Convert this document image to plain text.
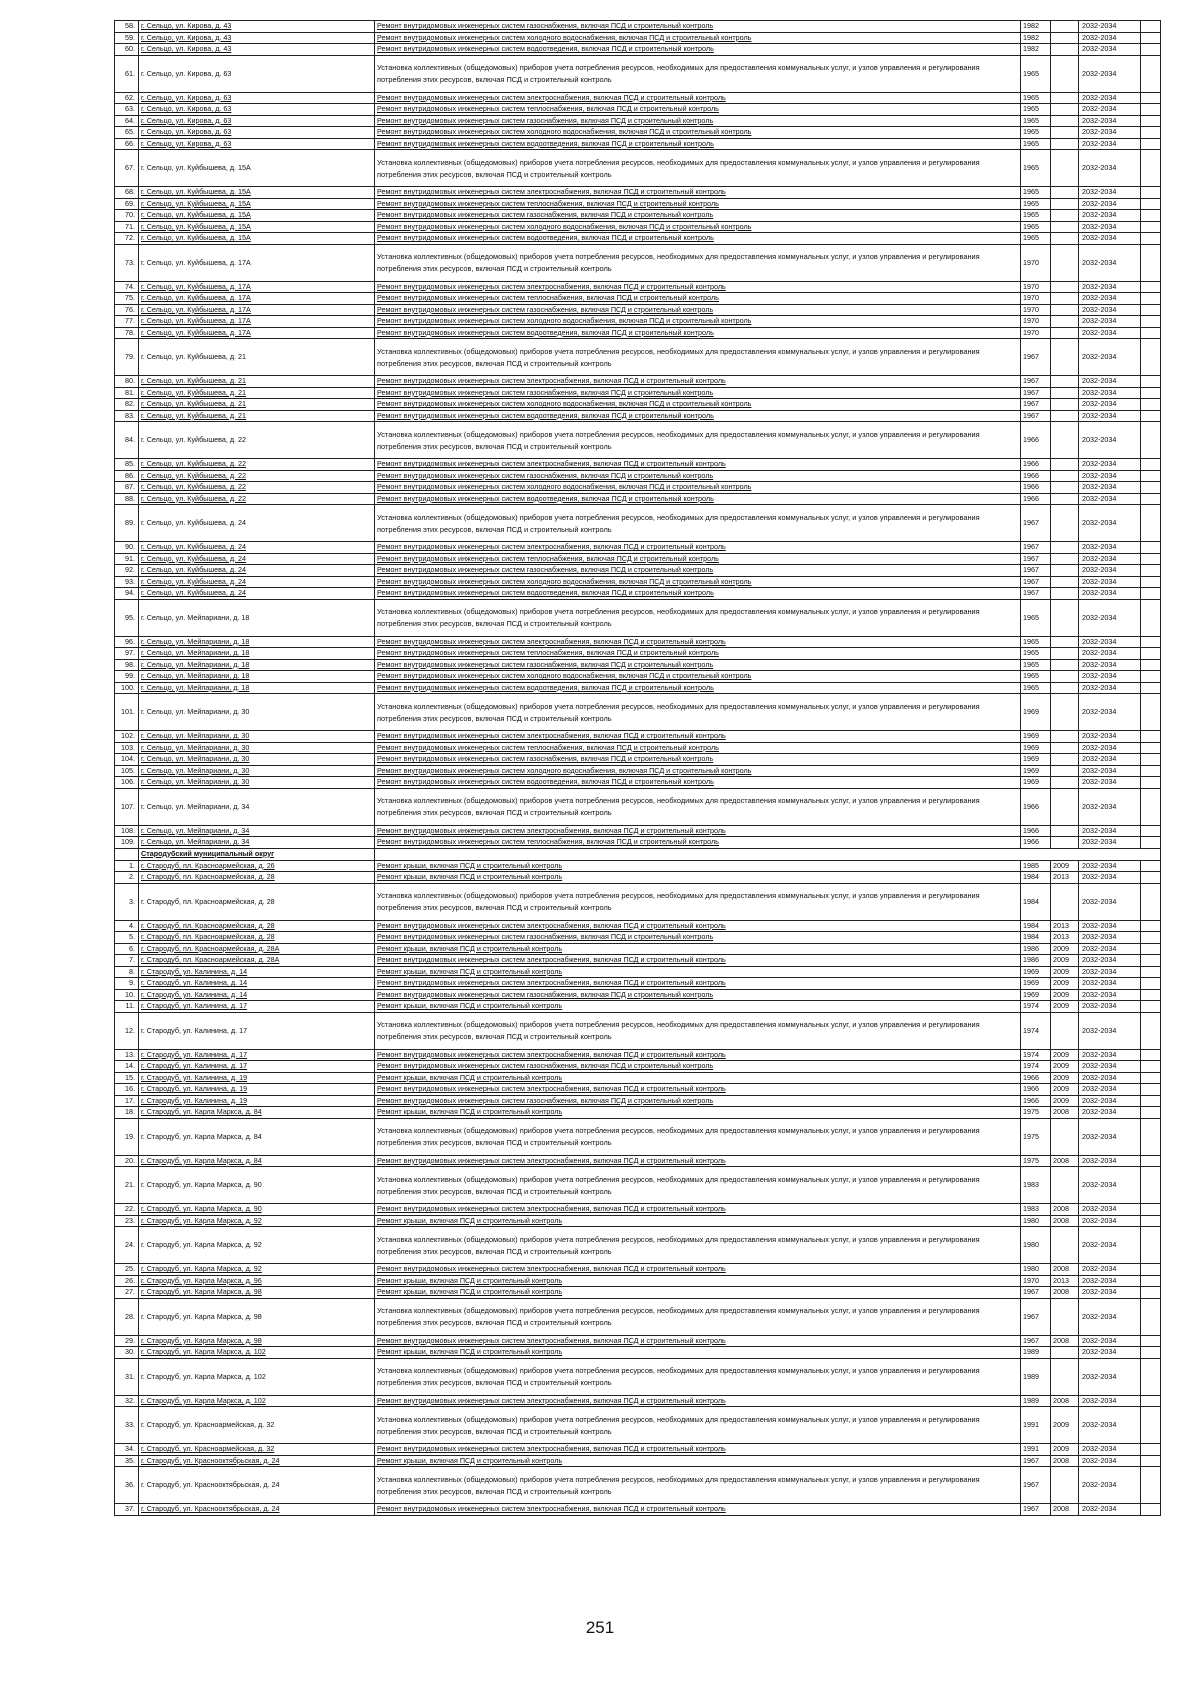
58.	г. Сельцо, ул. Кирова, д. 43	Ремонт внутридомовых инженерных систем газоснабжения, включая ПСД и строительный контроль	1982		2032-2034	
59.	г. Сельцо, ул. Кирова, д. 43	Ремонт внутридомовых инженерных систем холодного водоснабжения, включая ПСД и строительный контроль	1982		2032-2034	
60.	г. Сельцо, ул. Кирова, д. 43	Ремонт внутридомовых инженерных систем водоотведения, включая ПСД и строительный контроль	1982		2032-2034	
61.	г. Сельцо, ул. Кирова, д. 63	Установка коллективных (общедомовых) приборов учета потребления ресурсов, необходимых для предоставления коммунальных услуг, и узлов управления и регулирования потребления этих ресурсов, включая ПСД и строительный контроль	1965		2032-2034	
62.	г. Сельцо, ул. Кирова, д. 63	Ремонт внутридомовых инженерных систем электроснабжения, включая ПСД и строительный контроль	1965		2032-2034	
63.	г. Сельцо, ул. Кирова, д. 63	Ремонт внутридомовых инженерных систем теплоснабжения, включая ПСД и строительный контроль	1965		2032-2034	
64.	г. Сельцо, ул. Кирова, д. 63	Ремонт внутридомовых инженерных систем газоснабжения, включая ПСД и строительный контроль	1965		2032-2034	
65.	г. Сельцо, ул. Кирова, д. 63	Ремонт внутридомовых инженерных систем холодного водоснабжения, включая ПСД и строительный контроль	1965		2032-2034	
66.	г. Сельцо, ул. Кирова, д. 63	Ремонт внутридомовых инженерных систем водоотведения, включая ПСД и строительный контроль	1965		2032-2034	
67.	г. Сельцо, ул. Куйбышева, д. 15А	Установка коллективных (общедомовых) приборов учета потребления ресурсов, необходимых для предоставления коммунальных услуг, и узлов управления и регулирования потребления этих ресурсов, включая ПСД и строительный контроль	1965		2032-2034	
68.	г. Сельцо, ул. Куйбышева, д. 15А	Ремонт внутридомовых инженерных систем электроснабжения, включая ПСД и строительный контроль	1965		2032-2034	
69.	г. Сельцо, ул. Куйбышева, д. 15А	Ремонт внутридомовых инженерных систем теплоснабжения, включая ПСД и строительный контроль	1965		2032-2034	
70.	г. Сельцо, ул. Куйбышева, д. 15А	Ремонт внутридомовых инженерных систем газоснабжения, включая ПСД и строительный контроль	1965		2032-2034	
71.	г. Сельцо, ул. Куйбышева, д. 15А	Ремонт внутридомовых инженерных систем холодного водоснабжения, включая ПСД и строительный контроль	1965		2032-2034	
72.	г. Сельцо, ул. Куйбышева, д. 15А	Ремонт внутридомовых инженерных систем водоотведения, включая ПСД и строительный контроль	1965		2032-2034	
73.	г. Сельцо, ул. Куйбышева, д. 17А	Установка коллективных (общедомовых) приборов учета потребления ресурсов, необходимых для предоставления коммунальных услуг, и узлов управления и регулирования потребления этих ресурсов, включая ПСД и строительный контроль	1970		2032-2034	
74.	г. Сельцо, ул. Куйбышева, д. 17А	Ремонт внутридомовых инженерных систем электроснабжения, включая ПСД и строительный контроль	1970		2032-2034	
75.	г. Сельцо, ул. Куйбышева, д. 17А	Ремонт внутридомовых инженерных систем теплоснабжения, включая ПСД и строительный контроль	1970		2032-2034	
76.	г. Сельцо, ул. Куйбышева, д. 17А	Ремонт внутридомовых инженерных систем газоснабжения, включая ПСД и строительный контроль	1970		2032-2034	
77.	г. Сельцо, ул. Куйбышева, д. 17А	Ремонт внутридомовых инженерных систем холодного водоснабжения, включая ПСД и строительный контроль	1970		2032-2034	
78.	г. Сельцо, ул. Куйбышева, д. 17А	Ремонт внутридомовых инженерных систем водоотведения, включая ПСД и строительный контроль	1970		2032-2034	
79.	г. Сельцо, ул. Куйбышева, д. 21	Установка коллективных (общедомовых) приборов учета потребления ресурсов, необходимых для предоставления коммунальных услуг, и узлов управления и регулирования потребления этих ресурсов, включая ПСД и строительный контроль	1967		2032-2034	
80.	г. Сельцо, ул. Куйбышева, д. 21	Ремонт внутридомовых инженерных систем электроснабжения, включая ПСД и строительный контроль	1967		2032-2034	
81.	г. Сельцо, ул. Куйбышева, д. 21	Ремонт внутридомовых инженерных систем газоснабжения, включая ПСД и строительный контроль	1967		2032-2034	
82.	г. Сельцо, ул. Куйбышева, д. 21	Ремонт внутридомовых инженерных систем холодного водоснабжения, включая ПСД и строительный контроль	1967		2032-2034	
83.	г. Сельцо, ул. Куйбышева, д. 21	Ремонт внутридомовых инженерных систем водоотведения, включая ПСД и строительный контроль	1967		2032-2034	
84.	г. Сельцо, ул. Куйбышева, д. 22	Установка коллективных (общедомовых) приборов учета потребления ресурсов, необходимых для предоставления коммунальных услуг, и узлов управления и регулирования потребления этих ресурсов, включая ПСД и строительный контроль	1966		2032-2034	
85.	г. Сельцо, ул. Куйбышева, д. 22	Ремонт внутридомовых инженерных систем электроснабжения, включая ПСД и строительный контроль	1966		2032-2034	
86.	г. Сельцо, ул. Куйбышева, д. 22	Ремонт внутридомовых инженерных систем газоснабжения, включая ПСД и строительный контроль	1966		2032-2034	
87.	г. Сельцо, ул. Куйбышева, д. 22	Ремонт внутридомовых инженерных систем холодного водоснабжения, включая ПСД и строительный контроль	1966		2032-2034	
88.	г. Сельцо, ул. Куйбышева, д. 22	Ремонт внутридомовых инженерных систем водоотведения, включая ПСД и строительный контроль	1966		2032-2034	
89.	г. Сельцо, ул. Куйбышева, д. 24	Установка коллективных (общедомовых) приборов учета потребления ресурсов, необходимых для предоставления коммунальных услуг, и узлов управления и регулирования потребления этих ресурсов, включая ПСД и строительный контроль	1967		2032-2034	
90.	г. Сельцо, ул. Куйбышева, д. 24	Ремонт внутридомовых инженерных систем электроснабжения, включая ПСД и строительный контроль	1967		2032-2034	
91.	г. Сельцо, ул. Куйбышева, д. 24	Ремонт внутридомовых инженерных систем теплоснабжения, включая ПСД и строительный контроль	1967		2032-2034	
92.	г. Сельцо, ул. Куйбышева, д. 24	Ремонт внутридомовых инженерных систем газоснабжения, включая ПСД и строительный контроль	1967		2032-2034	
93.	г. Сельцо, ул. Куйбышева, д. 24	Ремонт внутридомовых инженерных систем холодного водоснабжения, включая ПСД и строительный контроль	1967		2032-2034	
94.	г. Сельцо, ул. Куйбышева, д. 24	Ремонт внутридомовых инженерных систем водоотведения, включая ПСД и строительный контроль	1967		2032-2034	
95.	г. Сельцо, ул. Мейпариани, д. 18	Установка коллективных (общедомовых) приборов учета потребления ресурсов, необходимых для предоставления коммунальных услуг, и узлов управления и регулирования потребления этих ресурсов, включая ПСД и строительный контроль	1965		2032-2034	
96.	г. Сельцо, ул. Мейпариани, д. 18	Ремонт внутридомовых инженерных систем электроснабжения, включая ПСД и строительный контроль	1965		2032-2034	
97.	г. Сельцо, ул. Мейпариани, д. 18	Ремонт внутридомовых инженерных систем теплоснабжения, включая ПСД и строительный контроль	1965		2032-2034	
98.	г. Сельцо, ул. Мейпариани, д. 18	Ремонт внутридомовых инженерных систем газоснабжения, включая ПСД и строительный контроль	1965		2032-2034	
99.	г. Сельцо, ул. Мейпариани, д. 18	Ремонт внутридомовых инженерных систем холодного водоснабжения, включая ПСД и строительный контроль	1965		2032-2034	
100.	г. Сельцо, ул. Мейпариани, д. 18	Ремонт внутридомовых инженерных систем водоотведения, включая ПСД и строительный контроль	1965		2032-2034	
101.	г. Сельцо, ул. Мейпариани, д. 30	Установка коллективных (общедомовых) приборов учета потребления ресурсов, необходимых для предоставления коммунальных услуг, и узлов управления и регулирования потребления этих ресурсов, включая ПСД и строительный контроль	1969		2032-2034	
102.	г. Сельцо, ул. Мейпариани, д. 30	Ремонт внутридомовых инженерных систем электроснабжения, включая ПСД и строительный контроль	1969		2032-2034	
103.	г. Сельцо, ул. Мейпариани, д. 30	Ремонт внутридомовых инженерных систем теплоснабжения, включая ПСД и строительный контроль	1969		2032-2034	
104.	г. Сельцо, ул. Мейпариани, д. 30	Ремонт внутридомовых инженерных систем газоснабжения, включая ПСД и строительный контроль	1969		2032-2034	
105.	г. Сельцо, ул. Мейпариани, д. 30	Ремонт внутридомовых инженерных систем холодного водоснабжения, включая ПСД и строительный контроль	1969		2032-2034	
106.	г. Сельцо, ул. Мейпариани, д. 30	Ремонт внутридомовых инженерных систем водоотведения, включая ПСД и строительный контроль	1969		2032-2034	
107.	г. Сельцо, ул. Мейпариани, д. 34	Установка коллективных (общедомовых) приборов учета потребления ресурсов, необходимых для предоставления коммунальных услуг, и узлов управления и регулирования потребления этих ресурсов, включая ПСД и строительный контроль	1966		2032-2034	
108.	г. Сельцо, ул. Мейпариани, д. 34	Ремонт внутридомовых инженерных систем электроснабжения, включая ПСД и строительный контроль	1966		2032-2034	
109.	г. Сельцо, ул. Мейпариани, д. 34	Ремонт внутридомовых инженерных систем теплоснабжения, включая ПСД и строительный контроль	1966		2032-2034	
	Стародубский муниципальный округ					
1.	г. Стародуб, пл. Красноармейская, д. 26	Ремонт крыши, включая ПСД и строительный контроль	1985	2009	2032-2034	
2.	г. Стародуб, пл. Красноармейская, д. 28	Ремонт крыши, включая ПСД и строительный контроль	1984	2013	2032-2034	
3.	г. Стародуб, пл. Красноармейская, д. 28	Установка коллективных (общедомовых) приборов учета потребления ресурсов, необходимых для предоставления коммунальных услуг, и узлов управления и регулирования потребления этих ресурсов, включая ПСД и строительный контроль	1984		2032-2034	
4.	г. Стародуб, пл. Красноармейская, д. 28	Ремонт внутридомовых инженерных систем электроснабжения, включая ПСД и строительный контроль	1984	2013	2032-2034	
5.	г. Стародуб, пл. Красноармейская, д. 28	Ремонт внутридомовых инженерных систем газоснабжения, включая ПСД и строительный контроль	1984	2013	2032-2034	
6.	г. Стародуб, пл. Красноармейская, д. 28А	Ремонт крыши, включая ПСД и строительный контроль	1986	2009	2032-2034	
7.	г. Стародуб, пл. Красноармейская, д. 28А	Ремонт внутридомовых инженерных систем электроснабжения, включая ПСД и строительный контроль	1986	2009	2032-2034	
8.	г. Стародуб, ул. Калинина, д. 14	Ремонт крыши, включая ПСД и строительный контроль	1969	2009	2032-2034	
9.	г. Стародуб, ул. Калинина, д. 14	Ремонт внутридомовых инженерных систем электроснабжения, включая ПСД и строительный контроль	1969	2009	2032-2034	
10.	г. Стародуб, ул. Калинина, д. 14	Ремонт внутридомовых инженерных систем газоснабжения, включая ПСД и строительный контроль	1969	2009	2032-2034	
11.	г. Стародуб, ул. Калинина, д. 17	Ремонт крыши, включая ПСД и строительный контроль	1974	2009	2032-2034	
12.	г. Стародуб, ул. Калинина, д. 17	Установка коллективных (общедомовых) приборов учета потребления ресурсов, необходимых для предоставления коммунальных услуг, и узлов управления и регулирования потребления этих ресурсов, включая ПСД и строительный контроль	1974		2032-2034	
13.	г. Стародуб, ул. Калинина, д. 17	Ремонт внутридомовых инженерных систем электроснабжения, включая ПСД и строительный контроль	1974	2009	2032-2034	
14.	г. Стародуб, ул. Калинина, д. 17	Ремонт внутридомовых инженерных систем газоснабжения, включая ПСД и строительный контроль	1974	2009	2032-2034	
15.	г. Стародуб, ул. Калинина, д. 19	Ремонт крыши, включая ПСД и строительный контроль	1966	2009	2032-2034	
16.	г. Стародуб, ул. Калинина, д. 19	Ремонт внутридомовых инженерных систем электроснабжения, включая ПСД и строительный контроль	1966	2009	2032-2034	
17.	г. Стародуб, ул. Калинина, д. 19	Ремонт внутридомовых инженерных систем газоснабжения, включая ПСД и строительный контроль	1966	2009	2032-2034	
18.	г. Стародуб, ул. Карла Маркса, д. 84	Ремонт крыши, включая ПСД и строительный контроль	1975	2008	2032-2034	
19.	г. Стародуб, ул. Карла Маркса, д. 84	Установка коллективных (общедомовых) приборов учета потребления ресурсов, необходимых для предоставления коммунальных услуг, и узлов управления и регулирования потребления этих ресурсов, включая ПСД и строительный контроль	1975		2032-2034	
20.	г. Стародуб, ул. Карла Маркса, д. 84	Ремонт внутридомовых инженерных систем электроснабжения, включая ПСД и строительный контроль	1975	2008	2032-2034	
21.	г. Стародуб, ул. Карла Маркса, д. 90	Установка коллективных (общедомовых) приборов учета потребления ресурсов, необходимых для предоставления коммунальных услуг, и узлов управления и регулирования потребления этих ресурсов, включая ПСД и строительный контроль	1983		2032-2034	
22.	г. Стародуб, ул. Карла Маркса, д. 90	Ремонт внутридомовых инженерных систем электроснабжения, включая ПСД и строительный контроль	1983	2008	2032-2034	
23.	г. Стародуб, ул. Карла Маркса, д. 92	Ремонт крыши, включая ПСД и строительный контроль	1980	2008	2032-2034	
24.	г. Стародуб, ул. Карла Маркса, д. 92	Установка коллективных (общедомовых) приборов учета потребления ресурсов, необходимых для предоставления коммунальных услуг, и узлов управления и регулирования потребления этих ресурсов, включая ПСД и строительный контроль	1980		2032-2034	
25.	г. Стародуб, ул. Карла Маркса, д. 92	Ремонт внутридомовых инженерных систем электроснабжения, включая ПСД и строительный контроль	1980	2008	2032-2034	
26.	г. Стародуб, ул. Карла Маркса, д. 96	Ремонт крыши, включая ПСД и строительный контроль	1970	2013	2032-2034	
27.	г. Стародуб, ул. Карла Маркса, д. 98	Ремонт крыши, включая ПСД и строительный контроль	1967	2008	2032-2034	
28.	г. Стародуб, ул. Карла Маркса, д. 98	Установка коллективных (общедомовых) приборов учета потребления ресурсов, необходимых для предоставления коммунальных услуг, и узлов управления и регулирования потребления этих ресурсов, включая ПСД и строительный контроль	1967		2032-2034	
29.	г. Стародуб, ул. Карла Маркса, д. 98	Ремонт внутридомовых инженерных систем электроснабжения, включая ПСД и строительный контроль	1967	2008	2032-2034	
30.	г. Стародуб, ул. Карла Маркса, д. 102	Ремонт крыши, включая ПСД и строительный контроль	1989		2032-2034	
31.	г. Стародуб, ул. Карла Маркса, д. 102	Установка коллективных (общедомовых) приборов учета потребления ресурсов, необходимых для предоставления коммунальных услуг, и узлов управления и регулирования потребления этих ресурсов, включая ПСД и строительный контроль	1989		2032-2034	
32.	г. Стародуб, ул. Карла Маркса, д. 102	Ремонт внутридомовых инженерных систем электроснабжения, включая ПСД и строительный контроль	1989	2008	2032-2034	
33.	г. Стародуб, ул. Красноармейская, д. 32	Установка коллективных (общедомовых) приборов учета потребления ресурсов, необходимых для предоставления коммунальных услуг, и узлов управления и регулирования потребления этих ресурсов, включая ПСД и строительный контроль	1991	2009	2032-2034	
34.	г. Стародуб, ул. Красноармейская, д. 32	Ремонт внутридомовых инженерных систем электроснабжения, включая ПСД и строительный контроль	1991	2009	2032-2034	
35.	г. Стародуб, ул. Краснооктябрьская, д. 24	Ремонт крыши, включая ПСД и строительный контроль	1967	2008	2032-2034	
36.	г. Стародуб, ул. Краснооктябрьская, д. 24	Установка коллективных (общедомовых) приборов учета потребления ресурсов, необходимых для предоставления коммунальных услуг, и узлов управления и регулирования потребления этих ресурсов, включая ПСД и строительный контроль	1967		2032-2034	
37.	г. Стародуб, ул. Краснооктябрьская, д. 24	Ремонт внутридомовых инженерных систем электроснабжения, включая ПСД и строительный контроль	1967	2008	2032-2034	
251
